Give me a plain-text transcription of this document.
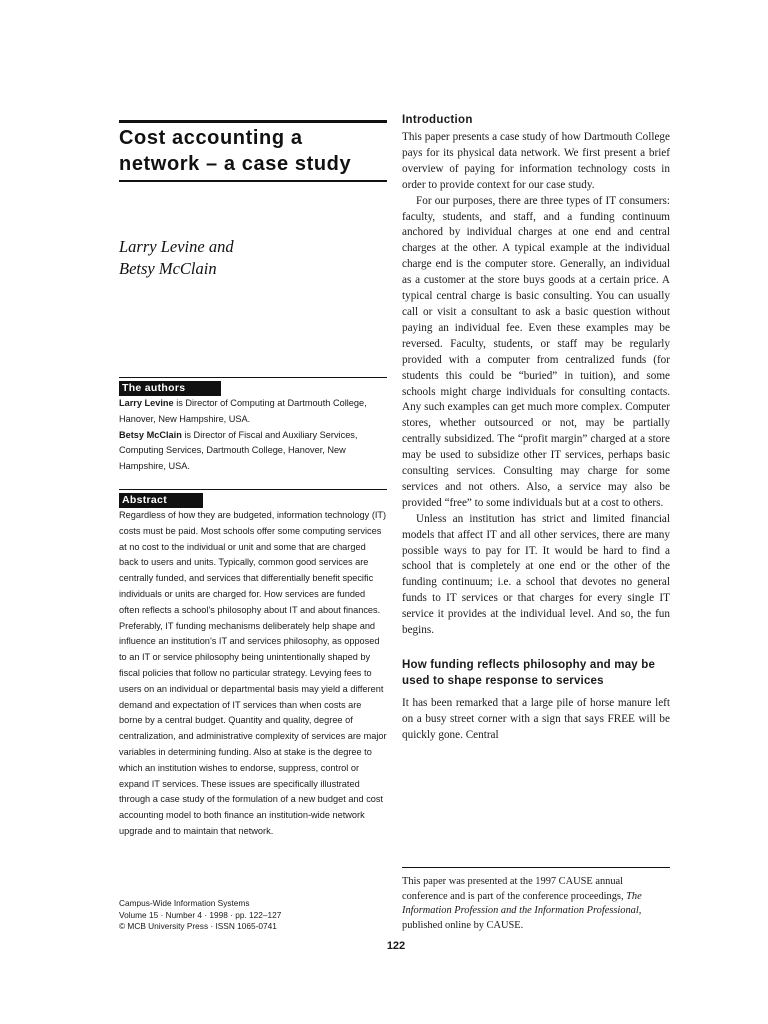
Cost accounting a
network – a case study
Larry Levine and
Betsy McClain
The authors
Larry Levine is Director of Computing at Dartmouth College, Hanover, New Hampshire, USA.
Betsy McClain is Director of Fiscal and Auxiliary Services, Computing Services, Dartmouth College, Hanover, New Hampshire, USA.
Abstract
Regardless of how they are budgeted, information technology (IT) costs must be paid. Most schools offer some computing services at no cost to the individual or unit and some that are charged back to users and units. Typically, common good services are centrally funded, and services that differentially benefit specific individuals or units are charged for. How services are funded often reflects a school’s philosophy about IT and about finances. Preferably, IT funding mechanisms deliberately help shape and influence an institution’s IT and services philosophy, as opposed to an IT or service philosophy being unintentionally shaped by fiscal policies that follow no particular strategy. Levying fees to users on an individual or departmental basis may yield a different demand and expectation of IT services than when costs are borne by a central budget. Quantity and quality, degree of centralization, and administrative complexity of services are major variables in determining funding. Also at stake is the degree to which an institution wishes to endorse, suppress, control or expand IT services. These issues are specifically illustrated through a case study of the formulation of a new budget and cost accounting model to both finance an institution-wide network upgrade and to maintain that network.
Campus-Wide Information Systems
Volume 15 · Number 4 · 1998 · pp. 122–127
© MCB University Press · ISSN 1065-0741
Introduction

This paper presents a case study of how Dartmouth College pays for its physical data network. We first present a brief overview of paying for information technology costs in order to provide context for our case study.

For our purposes, there are three types of IT consumers: faculty, students, and staff, and a funding continuum anchored by individual charges at one end and central charges at the other. A typical example at the individual charge end is the computer store. Generally, an individual as a customer at the store buys goods at a certain price. A typical central charge is basic consulting. You can usually call or visit a consultant to ask a basic question without paying an individual fee. Even these examples may be reversed. Faculty, students, or staff may be regularly provided with a computer from centralized funds (for students this could be “buried” in tuition), and some schools might charge individuals for consulting contacts. Any such examples can get much more complex. Computer stores, whether outsourced or not, may be partially centrally subsidized. The “profit margin” charged at a store may be used to subsidize other IT services, perhaps basic consulting services. Consulting may charge for some services and not others. Also, a service may also be provided “free” to some individuals but at a cost to others.

Unless an institution has strict and limited financial models that affect IT and all other services, there are many possible ways to pay for IT. It would be hard to find a school that is completely at one end or the other of the funding continuum; i.e. a school that devotes no general funds to IT services or that charges for every single IT service it provides at the individual level. And so, the fun begins.

How funding reflects philosophy and may be used to shape response to services

It has been remarked that a large pile of horse manure left on a busy street corner with a sign that says FREE will be quickly gone. Central

This paper was presented at the 1997 CAUSE annual conference and is part of the conference proceedings, The Information Profession and the Information Professional, published online by CAUSE.
122
